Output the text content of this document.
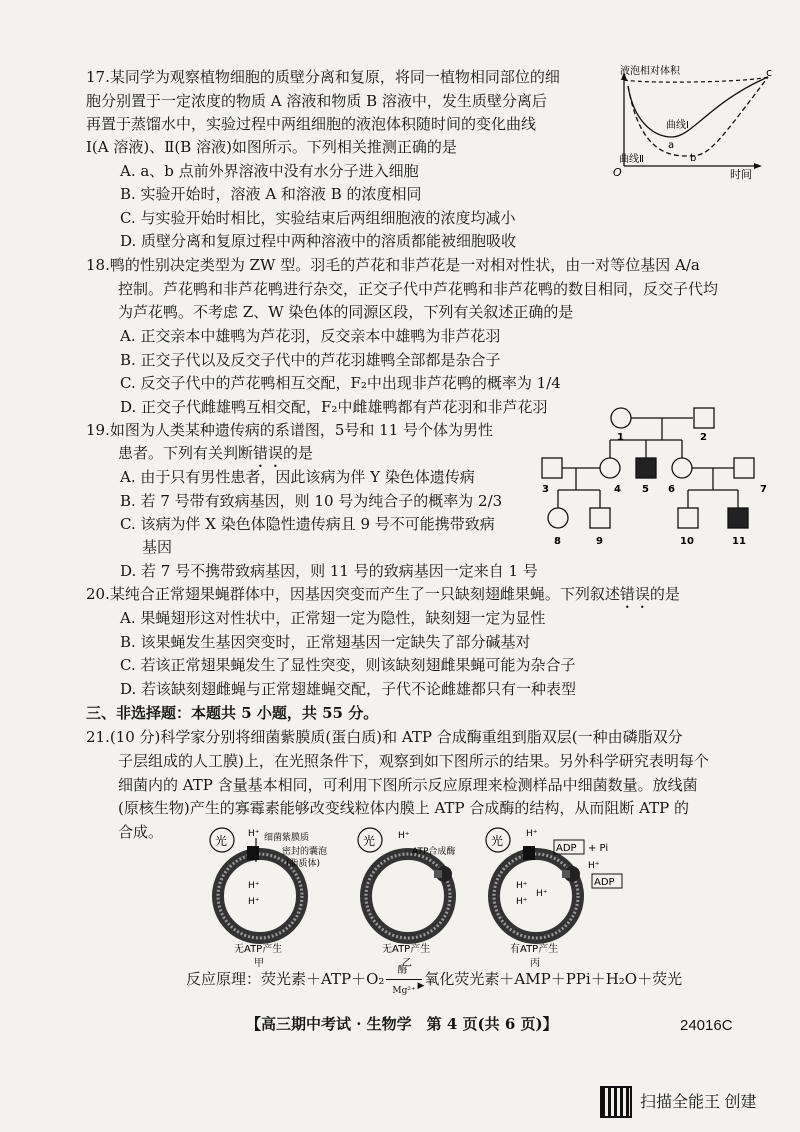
17.某同学为观察植物细胞的质壁分离和复原，将同一植物相同部位的细
胞分别置于一定浓度的物质 A 溶液和物质 B 溶液中，发生质壁分离后
再置于蒸馏水中，实验过程中两组细胞的液泡体积随时间的变化曲线
Ⅰ(A 溶液)、Ⅱ(B 溶液)如图所示。下列相关推测正确的是
A. a、b 点前外界溶液中没有水分子进入细胞
B. 实验开始时，溶液 A 和溶液 B 的浓度相同
C. 与实验开始时相比，实验结束后两组细胞液的浓度均减小
D. 质壁分离和复原过程中两种溶液中的溶质都能被细胞吸收
液泡相对体积	c
曲线Ⅰ
a
曲线Ⅱ	b
O	时间
18.鸭的性别决定类型为 ZW 型。羽毛的芦花和非芦花是一对相对性状，由一对等位基因 A/a
控制。芦花鸭和非芦花鸭进行杂交，正交子代中芦花鸭和非芦花鸭的数目相同，反交子代均
为芦花鸭。不考虑 Z、W 染色体的同源区段，下列有关叙述正确的是
A. 正交亲本中雄鸭为芦花羽，反交亲本中雄鸭为非芦花羽
B. 正交子代以及反交子代中的芦花羽雄鸭全部都是杂合子
C. 反交子代中的芦花鸭相互交配，F₂中出现非芦花鸭的概率为 1/4
D. 正交子代雌雄鸭互相交配，F₂中雌雄鸭都有芦花羽和非芦花羽
19.如图为人类某种遗传病的系谱图，5号和 11 号个体为男性
患者。下列有关判断错误的是
A. 由于只有男性患者，因此该病为伴 Y 染色体遗传病
B. 若 7 号带有致病基因，则 10 号为纯合子的概率为 2/3
C. 该病为伴 X 染色体隐性遗传病且 9 号不可能携带致病
基因
D. 若 7 号不携带致病基因，则 11 号的致病基因一定来自 1 号
1	2
3	4 5 6	7
8	9	10	11
20.某纯合正常翅果蝇群体中，因基因突变而产生了一只缺刻翅雌果蝇。下列叙述错误的是
A. 果蝇翅形这对性状中，正常翅一定为隐性，缺刻翅一定为显性
B. 该果蝇发生基因突变时，正常翅基因一定缺失了部分碱基对
C. 若该正常翅果蝇发生了显性突变，则该缺刻翅雌果蝇可能为杂合子
D. 若该缺刻翅雌蝇与正常翅雄蝇交配，子代不论雌雄都只有一种表型
三、非选择题：本题共 5 小题，共 55 分。
21.(10 分)科学家分别将细菌紫膜质(蛋白质)和 ATP 合成酶重组到脂双层(一种由磷脂双分
子层组成的人工膜)上，在光照条件下，观察到如下图所示的结果。另外科学研究表明每个
细菌内的 ATP 含量基本相同，可利用下图所示反应原理来检测样品中细菌数量。放线菌
(原核生物)产生的寡霉素能够改变线粒体内膜上 ATP 合成酶的结构，从而阻断 ATP 的
合成。	光 H⁺ 细菌紫膜质
密封的囊泡
(脂质体)
H⁺
H⁺
无ATP产生
甲
光	H⁺
ATP合成酶
无ATP产生
乙
光	H⁺
H⁺
H⁺
H⁺
ADP + Pi
H⁺
ADP
有ATP产生
丙
反应原理：荧光素＋ATP＋O₂ 酶
▶
Mg²⁺
氧化荧光素＋AMP＋PPi＋H₂O＋荧光
【高三期中考试 · 生物学　第 4 页(共 6 页)】	24016C
扫描全能王 创建
